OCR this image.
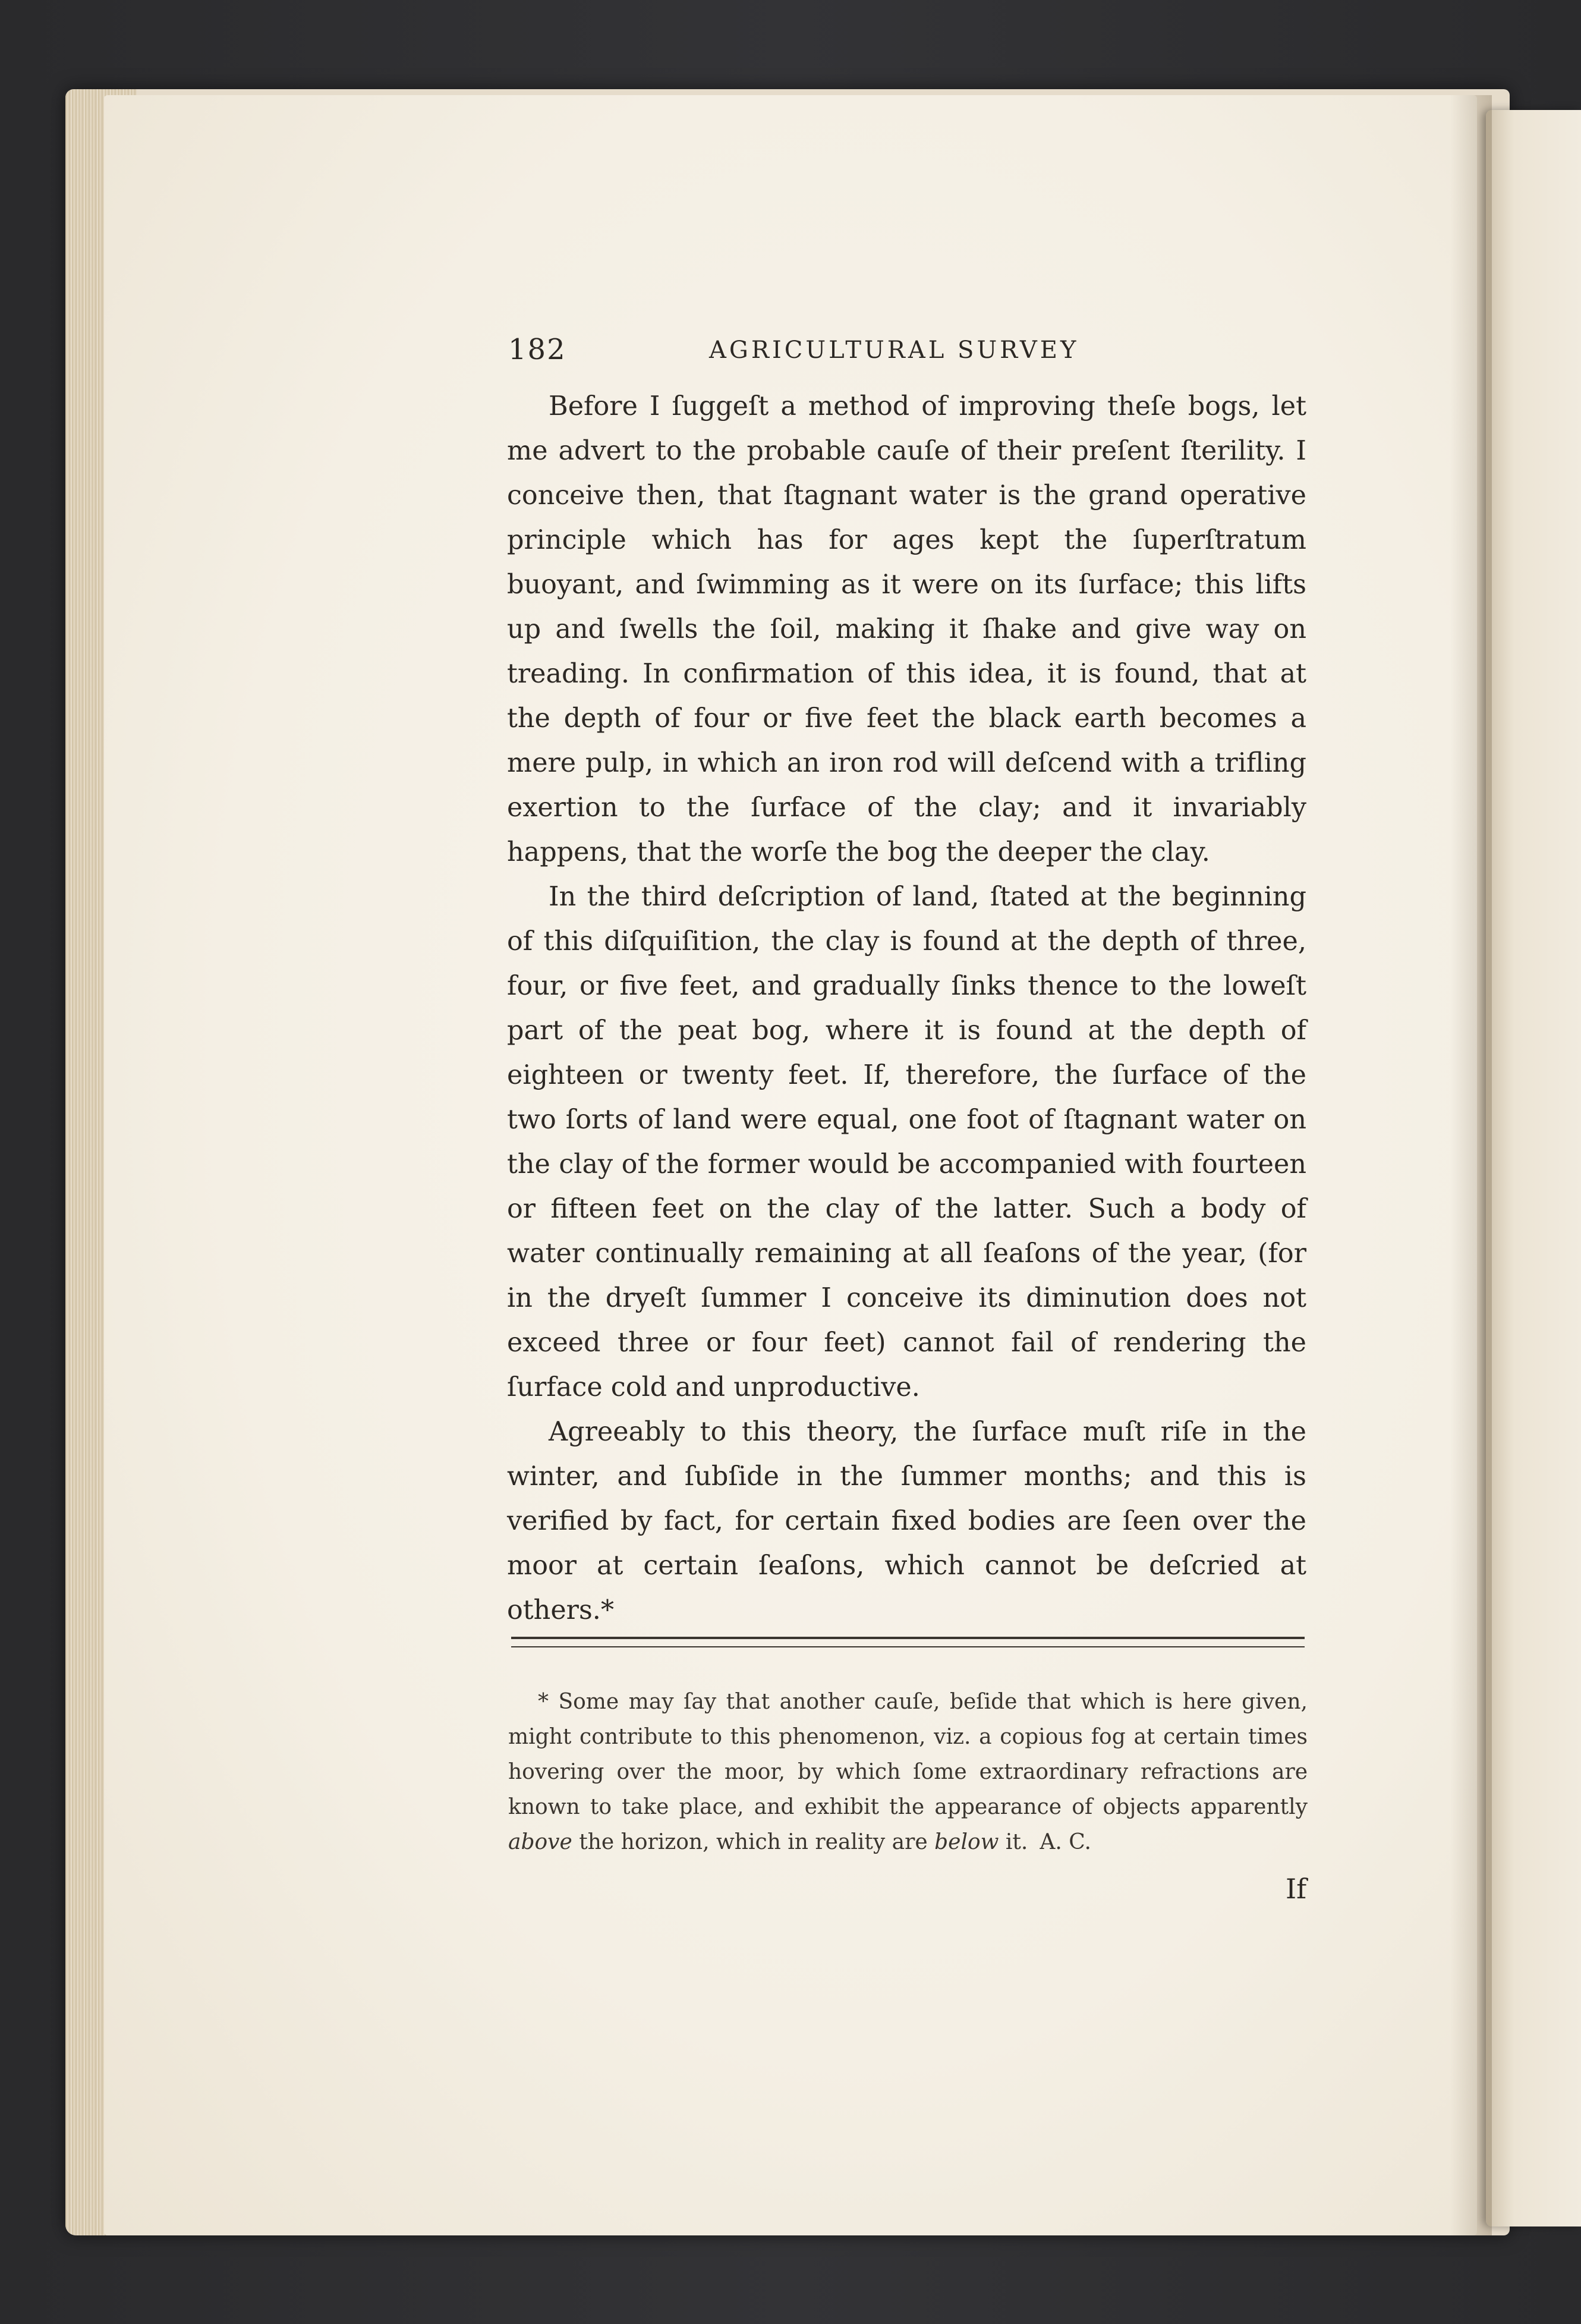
182	AGRICULTURAL SURVEY

Before I ſuggeſt a method of improving theſe bogs, let me advert to the probable cauſe of their preſent ſterility. I conceive then, that ſtagnant water is the grand operative principle which has for ages kept the ſuperſtratum buoyant, and ſwimming as it were on its ſurface; this lifts up and ſwells the ſoil, making it ſhake and give way on treading. In confirmation of this idea, it is found, that at the depth of four or five feet the black earth becomes a mere pulp, in which an iron rod will deſcend with a trifling exertion to the ſurface of the clay; and it invariably happens, that the worſe the bog the deeper the clay.

In the third deſcription of land, ſtated at the beginning of this diſquiſition, the clay is found at the depth of three, four, or five feet, and gradually ſinks thence to the loweſt part of the peat bog, where it is found at the depth of eighteen or twenty feet. If, therefore, the ſurface of the two ſorts of land were equal, one foot of ſtagnant water on the clay of the former would be accompanied with fourteen or fifteen feet on the clay of the latter. Such a body of water continually remaining at all ſeaſons of the year, (for in the dryeſt ſummer I conceive its diminution does not exceed three or four feet) cannot fail of rendering the ſurface cold and unproductive.

Agreeably to this theory, the ſurface muſt riſe in the winter, and ſubſide in the ſummer months; and this is verified by fact, for certain fixed bodies are ſeen over the moor at certain ſeaſons, which cannot be deſcried at others.*

* Some may ſay that another cauſe, beſide that which is here given, might contribute to this phenomenon, viz. a copious fog at certain times hovering over the moor, by which ſome extraordinary refractions are known to take place, and exhibit the appearance of objects apparently above the horizon, which in reality are below it. A. C.

If
